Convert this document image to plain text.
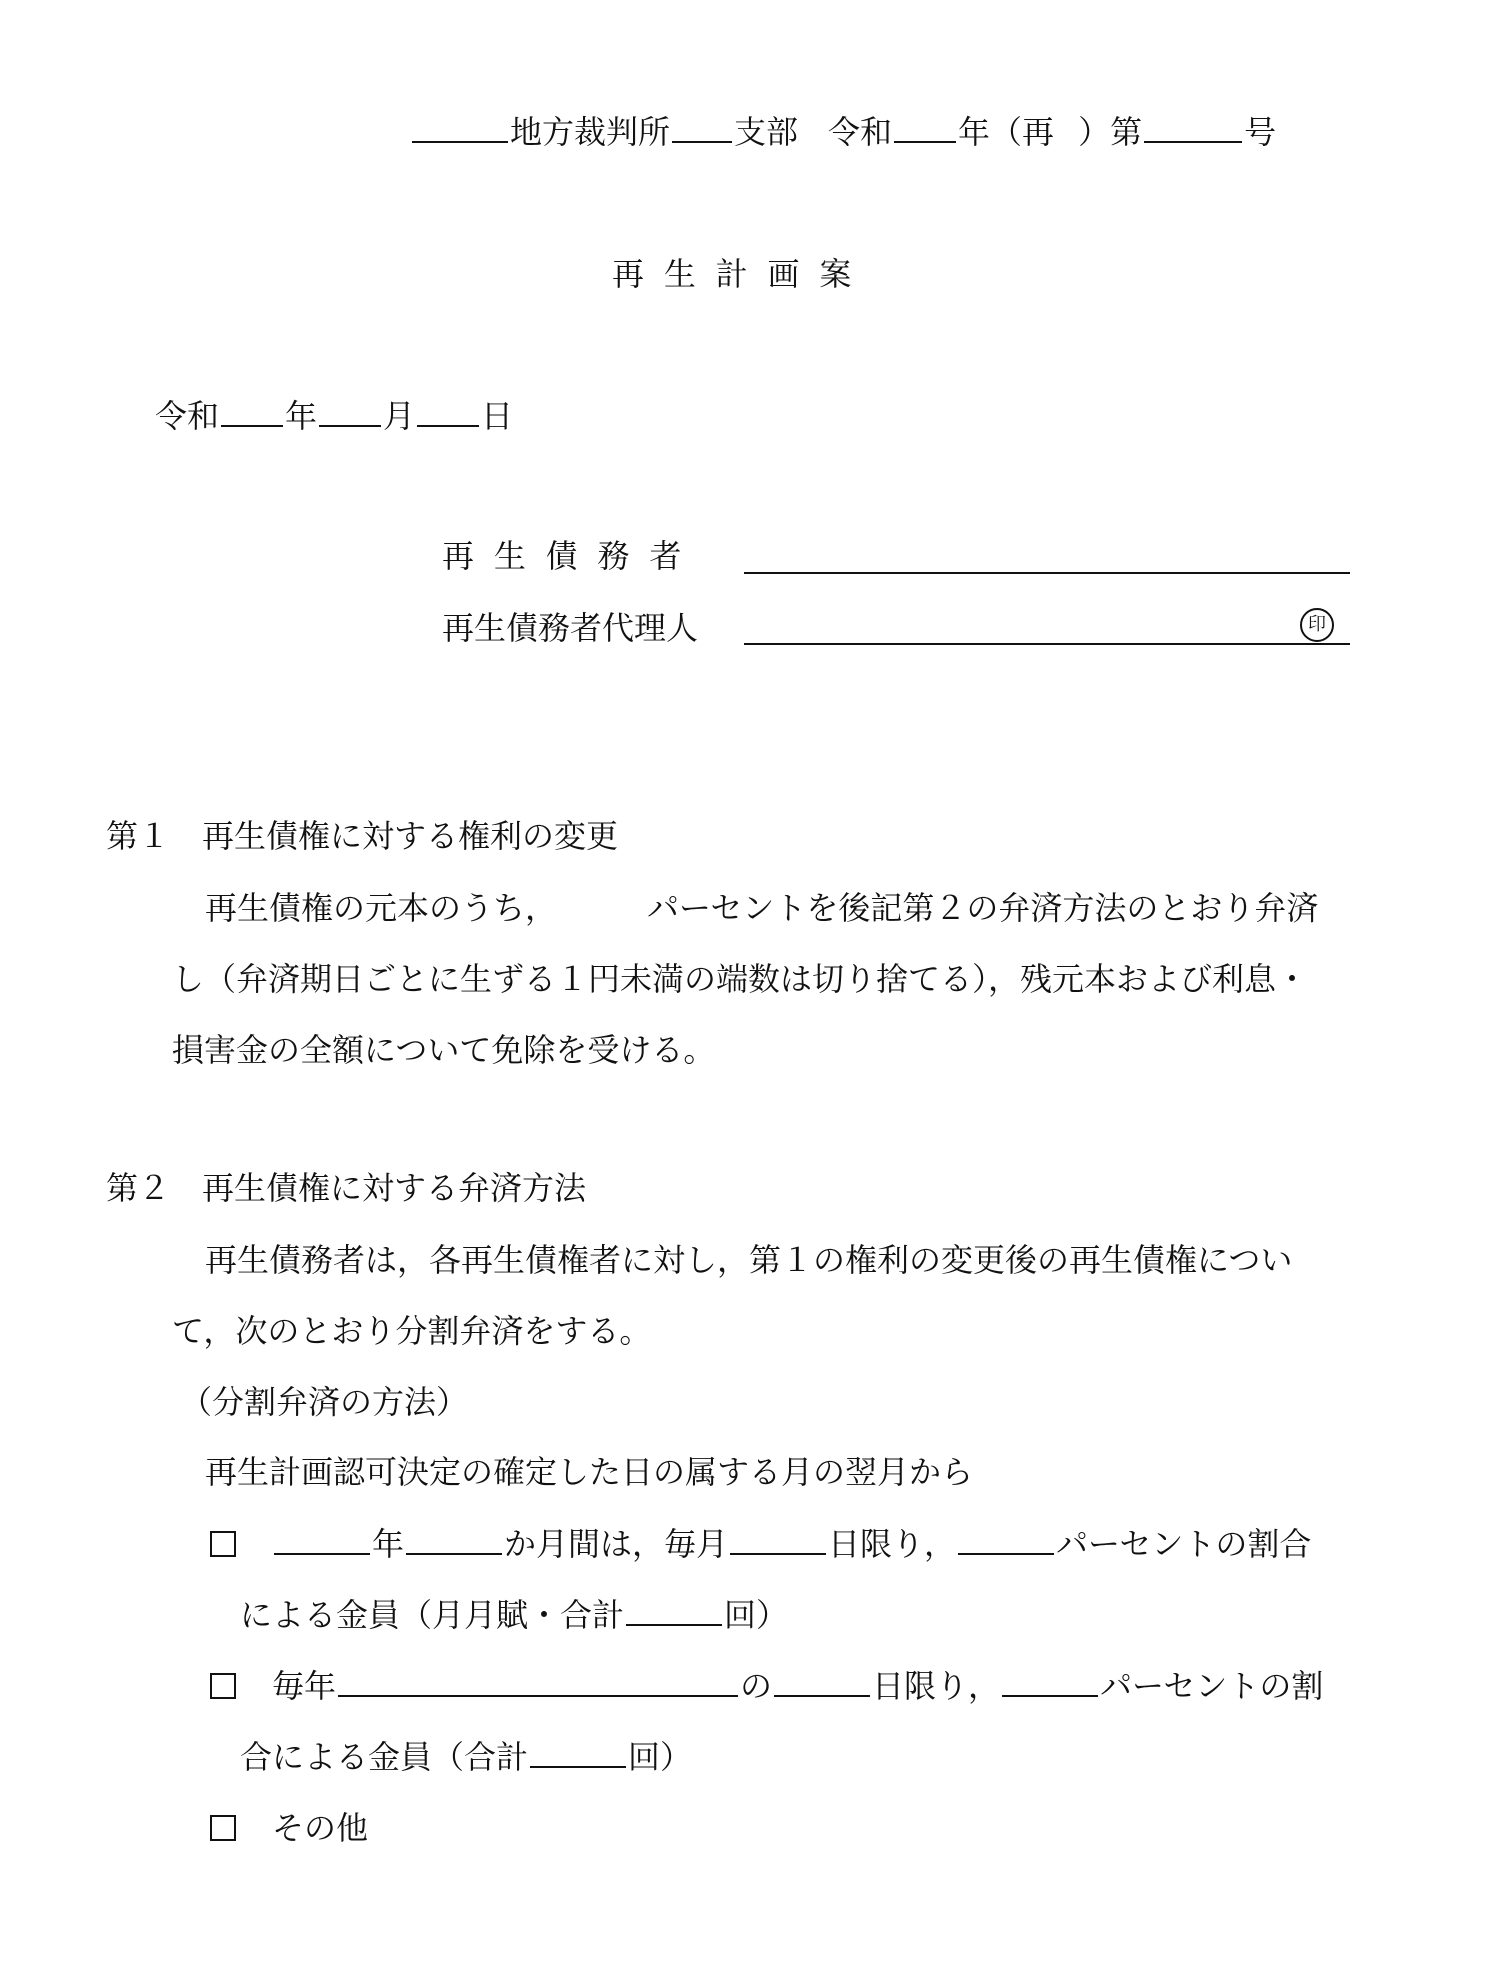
地方裁判所 支部 令和 年（再 ）第	号
再生計画案
令和 年 月 日
再生債務者
再生債務者代理人	印
第１　再生債権に対する権利の変更
再生債権の元本のうち，	パーセントを後記第２の弁済方法のとおり弁済
し（弁済期日ごとに生ずる１円未満の端数は切り捨てる），残元本および利息・
損害金の全額について免除を受ける。
第２　再生債権に対する弁済方法
再生債務者は，各再生債権者に対し，第１の権利の変更後の再生債権につい
て，次のとおり分割弁済をする。
（分割弁済の方法）
再生計画認可決定の確定した日の属する月の翌月から
年	か月間は，毎月	日限り，	パーセントの割合
による金員（月月賦・合計	回）
毎年	の	日限り，	パーセントの割
合による金員（合計	回）
その他
